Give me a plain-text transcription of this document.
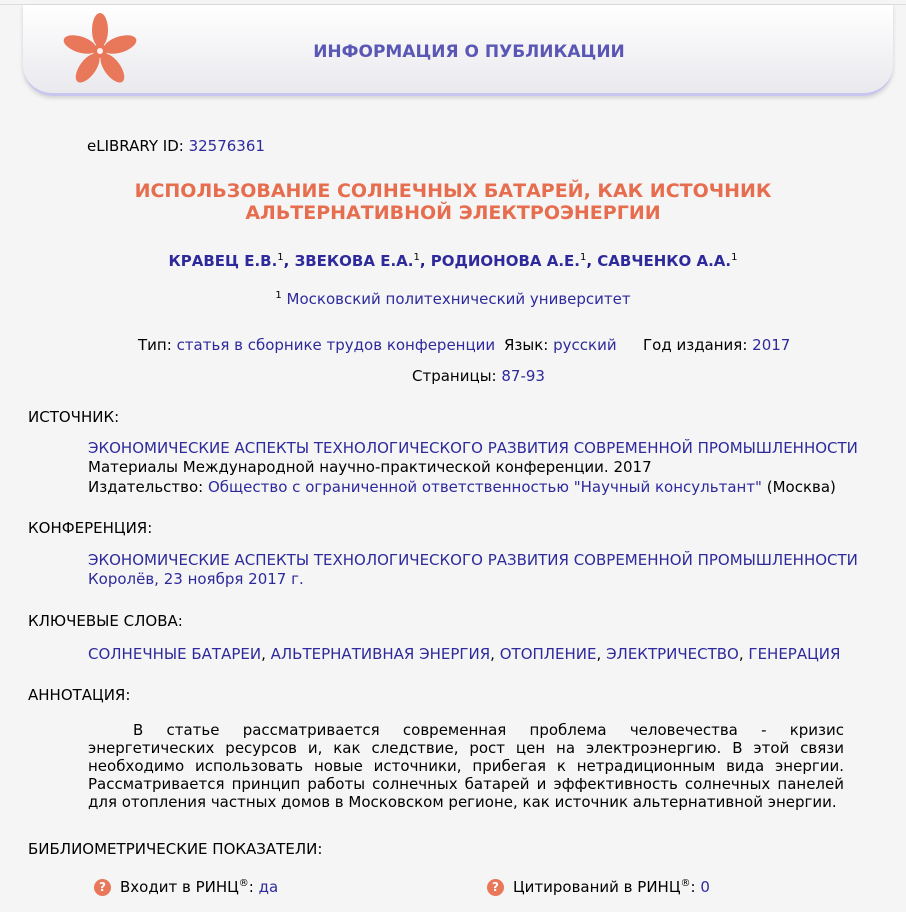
ИНФОРМАЦИЯ О ПУБЛИКАЦИИ
eLIBRARY ID: 32576361
ИСПОЛЬЗОВАНИЕ СОЛНЕЧНЫХ БАТАРЕЙ, КАК ИСТОЧНИК
АЛЬТЕРНАТИВНОЙ ЭЛЕКТРОЭНЕРГИИ
КРАВЕЦ Е.В.$^1$, ЗВЕКОВА Е.А.$^1$, РОДИОНОВА А.Е.$^1$, САВЧЕНКО А.А.$^1$
$^1$ Московский политехнический университет
Тип: статья в сборнике трудов конференции Язык: русский Год издания: 2017
Страницы: 87-93
ИСТОЧНИК:
ЭКОНОМИЧЕСКИЕ АСПЕКТЫ ТЕХНОЛОГИЧЕСКОГО РАЗВИТИЯ СОВРЕМЕННОЙ ПРОМЫШЛЕННОСТИ
Материалы Международной научно-практической конференции. 2017
Издательство: Общество с ограниченной ответственностью "Научный консультант" (Москва)
КОНФЕРЕНЦИЯ:
ЭКОНОМИЧЕСКИЕ АСПЕКТЫ ТЕХНОЛОГИЧЕСКОГО РАЗВИТИЯ СОВРЕМЕННОЙ ПРОМЫШЛЕННОСТИ
Королёв, 23 ноября 2017 г.
КЛЮЧЕВЫЕ СЛОВА:
СОЛНЕЧНЫЕ БАТАРЕИ, АЛЬТЕРНАТИВНАЯ ЭНЕРГИЯ, ОТОПЛЕНИЕ, ЭЛЕКТРИЧЕСТВО, ГЕНЕРАЦИЯ
АННОТАЦИЯ:
В статье рассматривается современная проблема человечества - кризис энергетических ресурсов и, как следствие, рост цен на электроэнергию. В этой связи необходимо использовать новые источники, прибегая к нетрадиционным вида энергии. Рассматривается принцип работы солнечных батарей и эффективность солнечных панелей для отопления частных домов в Московском регионе, как источник альтернативной энергии.
БИБЛИОМЕТРИЧЕСКИЕ ПОКАЗАТЕЛИ:
? Входит в РИНЦ®: да	? Цитирований в РИНЦ®: 0
